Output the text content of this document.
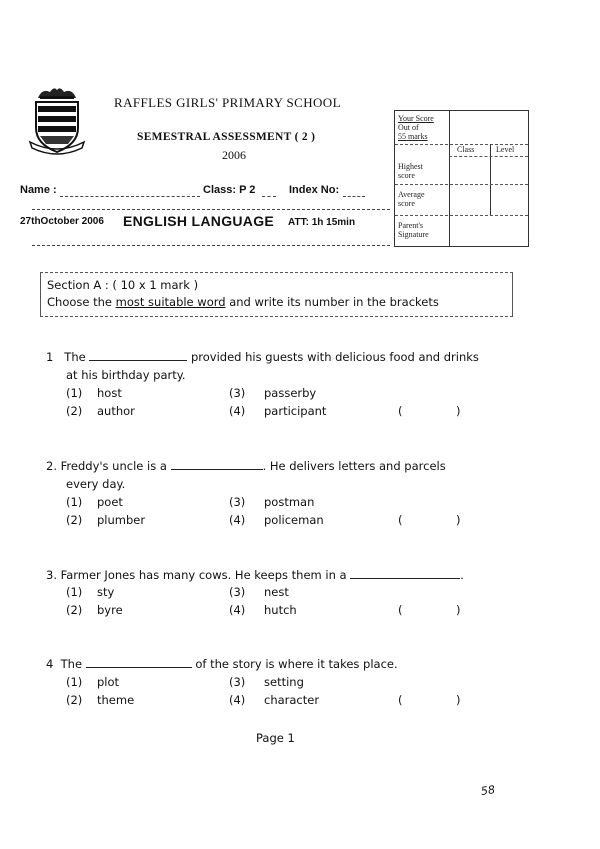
RAFFLES GIRLS' PRIMARY SCHOOL
SEMESTRAL ASSESSMENT ( 2 )
2006
Name :	Class: P 2	Index No:
27thOctober 2006 ENGLISH LANGUAGE ATT: 1h 15min
Your Score
Out of
55 marks
Class	Level
Highest
score
Average
score
Parent's
Signature
Section A : ( 10 x 1 mark )
Choose the most suitable word and write its number in the brackets
1 The	provided his guests with delicious food and drinks
at his birthday party.
(1) host	(3) passerby
(2) author	(4) participant	(	)
2. Freddy's uncle is a	. He delivers letters and parcels
every day.
(1) poet	(3) postman
(2) plumber	(4) policeman	(	)
3. Farmer Jones has many cows. He keeps them in a	.
(1) sty	(3) nest
(2) byre	(4) hutch	(	)
4 The	of the story is where it takes place.
(1) plot	(3) setting
(2) theme	(4) character	(	)
Page 1
58
